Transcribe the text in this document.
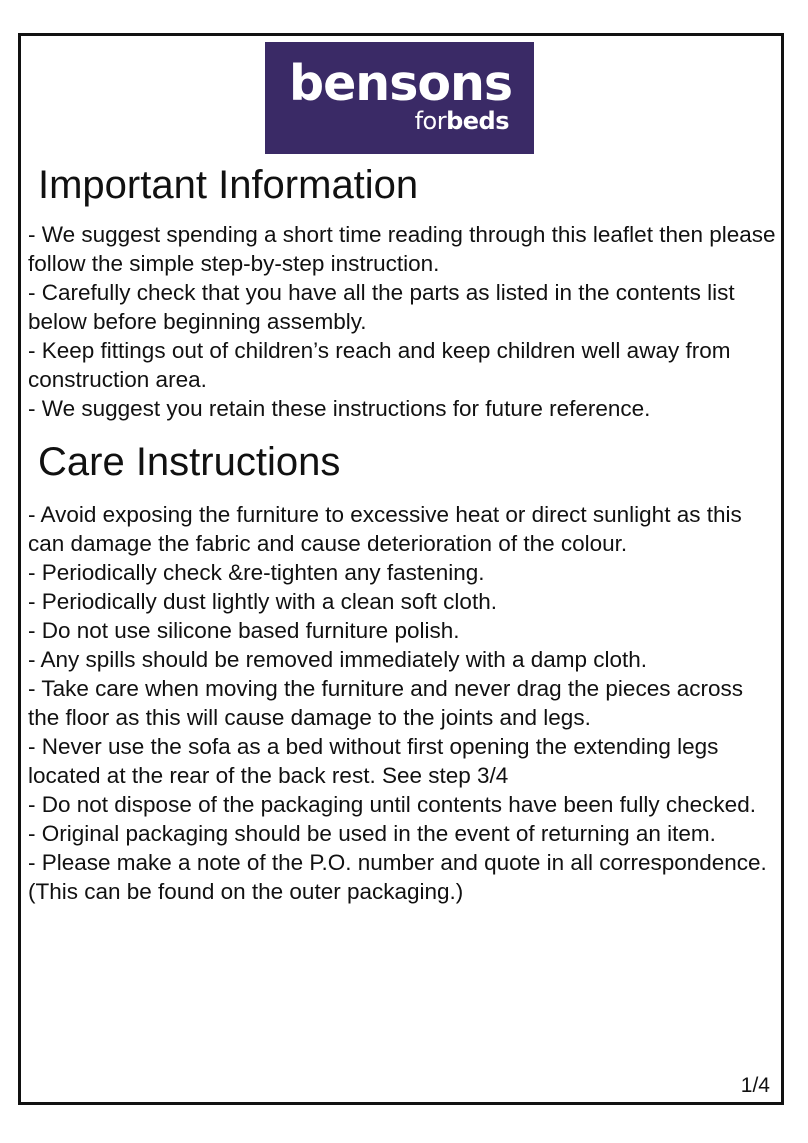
bensons
forbeds
Important Information
- We suggest spending a short time reading through this leaflet then please follow the simple step-by-step instruction.
- Carefully check that you have all the parts as listed in the contents list below before beginning assembly.
- Keep fittings out of children’s reach and keep children well away from construction area.
- We suggest you retain these instructions for future reference.
Care Instructions
- Avoid exposing the furniture to excessive heat or direct sunlight as this can damage the fabric and cause deterioration of the colour.
- Periodically check &re-tighten any fastening.
- Periodically dust lightly with a clean soft cloth.
- Do not use silicone based furniture polish.
- Any spills should be removed immediately with a damp cloth.
- Take care when moving the furniture and never drag the pieces across the floor as this will cause damage to the joints and legs.
- Never use the sofa as a bed without first opening the extending legs located at the rear of the back rest. See step 3/4
- Do not dispose of the packaging until contents have been fully checked.
- Original packaging should be used in the event of returning an item.
- Please make a note of the P.O. number and quote in all correspondence.(This can be found on the outer packaging.)
1/4
